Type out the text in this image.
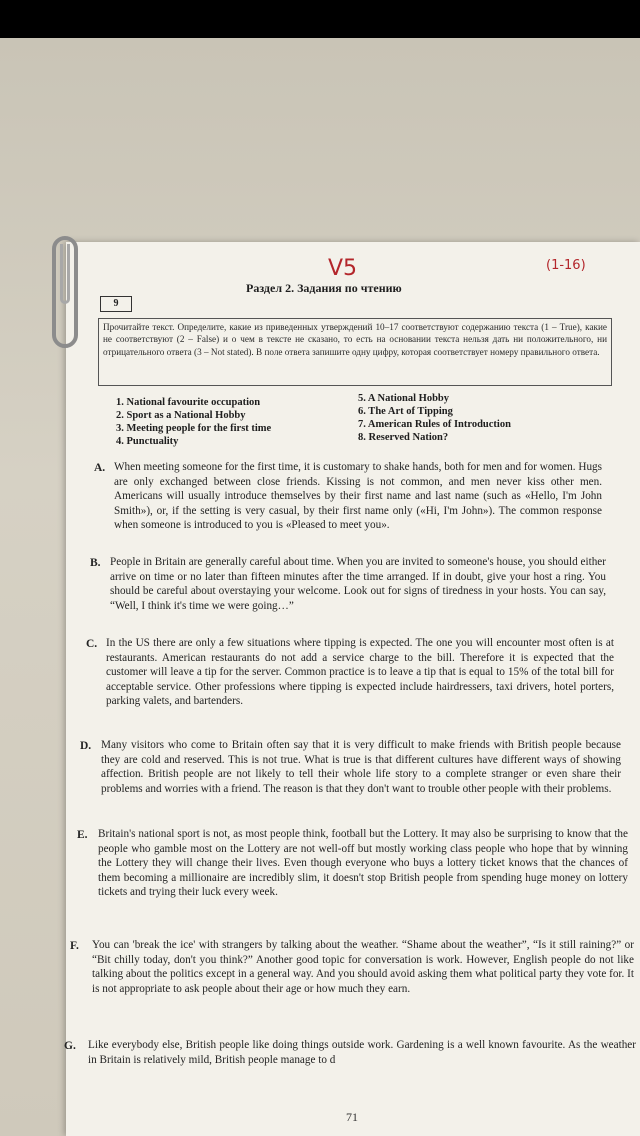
V5	(1-16)
Раздел 2. Задания по чтению
9
Прочитайте текст. Определите, какие из приведенных утверждений 10–17 соответствуют содержанию текста (1 – True), какие не соответствуют (2 – False) и о чем в тексте не сказано, то есть на основании текста нельзя дать ни положительного, ни отрицательного ответа (3 – Not stated). В поле ответа запишите одну цифру, которая соответствует номеру правильного ответа.
1. National favourite occupation
2. Sport as a National Hobby
3. Meeting people for the first time
4. Punctuality
5. A National Hobby
6. The Art of Tipping
7. American Rules of Introduction
8. Reserved Nation?
A. When meeting someone for the first time, it is customary to shake hands, both for men and for women. Hugs are only exchanged between close friends. Kissing is not common, and men never kiss other men. Americans will usually introduce themselves by their first name and last name (such as «Hello, I'm John Smith»), or, if the setting is very casual, by their first name only («Hi, I'm John»). The common response when someone is introduced to you is «Pleased to meet you».
B. People in Britain are generally careful about time. When you are invited to someone's house, you should either arrive on time or no later than fifteen minutes after the time arranged. If in doubt, give your host a ring. You should be careful about overstaying your welcome. Look out for signs of tiredness in your hosts. You can say, “Well, I think it's time we were going…”
C. In the US there are only a few situations where tipping is expected. The one you will encounter most often is at restaurants. American restaurants do not add a service charge to the bill. Therefore it is expected that the customer will leave a tip for the server. Common practice is to leave a tip that is equal to 15% of the total bill for acceptable service. Other professions where tipping is expected include hairdressers, taxi drivers, hotel porters, parking valets, and bartenders.
D. Many visitors who come to Britain often say that it is very difficult to make friends with British people because they are cold and reserved. This is not true. What is true is that different cultures have different ways of showing affection. British people are not likely to tell their whole life story to a complete stranger or even share their problems and worries with a friend. The reason is that they don't want to trouble other people with their problems.
E. Britain's national sport is not, as most people think, football but the Lottery. It may also be surprising to know that the people who gamble most on the Lottery are not well-off but mostly working class people who hope that by winning the Lottery they will change their lives. Even though everyone who buys a lottery ticket knows that the chances of them becoming a millionaire are incredibly slim, it doesn't stop British people from spending huge money on lottery tickets and trying their luck every week.
F. You can 'break the ice' with strangers by talking about the weather. “Shame about the weather”, “Is it still raining?” or “Bit chilly today, don't you think?” Another good topic for conversation is work. However, English people do not like talking about the politics except in a general way. And you should avoid asking them what political party they vote for. It is not appropriate to ask people about their age or how much they earn.
G. Like everybody else, British people like doing things outside work. Gardening is a well known favourite. As the weather in Britain is relatively mild, British people manage to d
71
